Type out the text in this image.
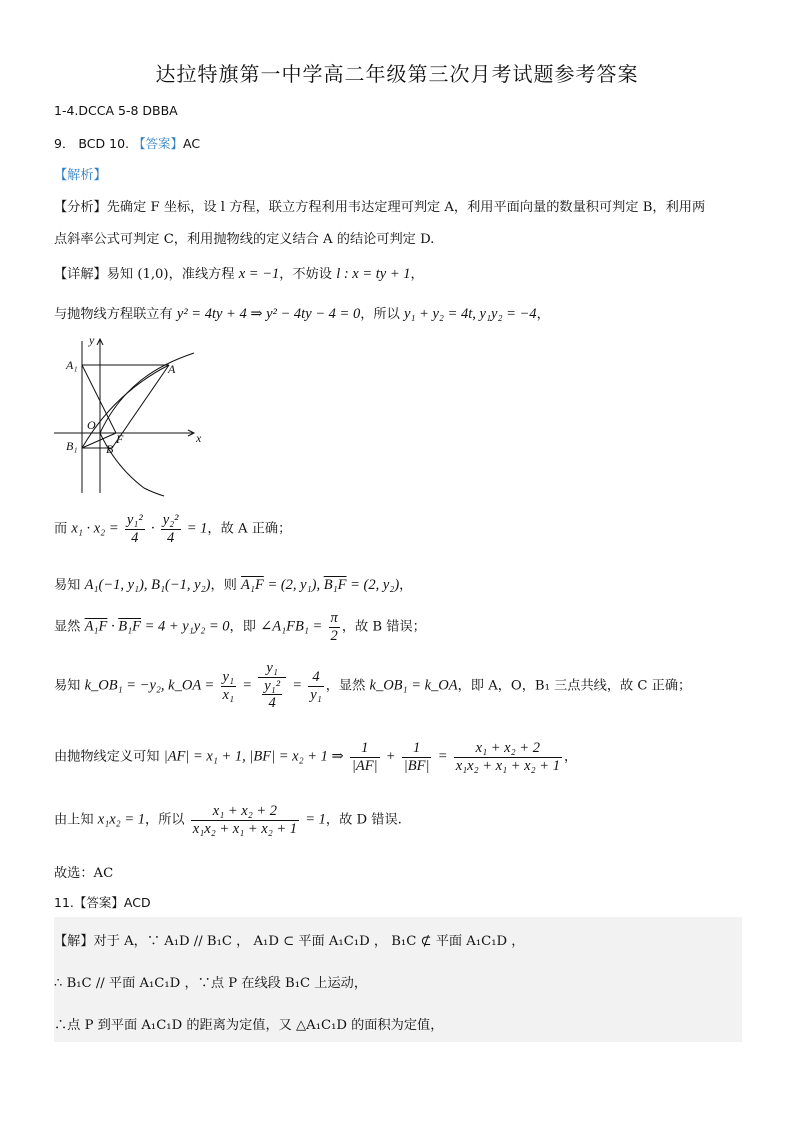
达拉特旗第一中学高二年级第三次月考试题参考答案
1-4.DCCA 5-8 DBBA
9． BCD 10. 【答案】AC
【解析】
【分析】先确定 F 坐标，设 l 方程，联立方程利用韦达定理可判定 A，利用平面向量的数量积可判定 B，利用两
点斜率公式可判定 C，利用抛物线的定义结合 A 的结论可判定 D.
【详解】易知 (1,0)，准线方程 x = −1，不妨设 l : x = ty + 1，
与抛物线方程联立有 y² = 4ty + 4 ⇒ y² − 4ty − 4 = 0，所以 y₁ + y₂ = 4t, y₁y₂ = −4，
y
x
A₁	A
O
F
B₁ B
而 $x_1 \cdot x_2 = \frac{\text{y₁²}}{4} \cdot \frac{\text{y₂²}}{4} = 1$，故 A 正确；
易知 A₁(−1, y₁), B₁(−1, y₂)，则 A₁F = (2, y₁), B₁F = (2, y₂)，
显然 A₁F · B₁F = 4 + y₁y₂ = 0，即 ∠A₁FB₁ = $\frac{\pi}{2}$ ，故 B 错误；
易知 k_OB₁ = −y₂, k_OA = $\frac{\text{y₁}}{\text{x₁}} = \frac{\text{y₁}}{\frac{\text{y₁²}}{4}} = \frac{4}{\text{y₁}}$ ，显然 k_OB₁ = k_OA，即 A，O，B₁ 三点共线，故 C 正确；
由抛物线定义可知 |AF| = x₁ + 1, |BF| = x₂ + 1 ⇒ $\frac{1}{|AF|} + \frac{1}{|BF|} = \frac{\text{x₁ + x₂ + 2}}{\text{x₁x₂ + x₁ + x₂ + 1}}$ ，
由上知 x₁x₂ = 1，所以 $\frac{\text{x₁ + x₂ + 2}}{\text{x₁x₂ + x₁ + x₂ + 1}} = 1$，故 D 错误.
故选：AC
11.【答案】ACD
【解】对于 A，∵ A₁D // B₁C ， A₁D ⊂ 平面 A₁C₁D ， B₁C ⊄ 平面 A₁C₁D ，
∴ B₁C // 平面 A₁C₁D ，∵点 P 在线段 B₁C 上运动，
∴点 P 到平面 A₁C₁D 的距离为定值，又 △A₁C₁D 的面积为定值，
